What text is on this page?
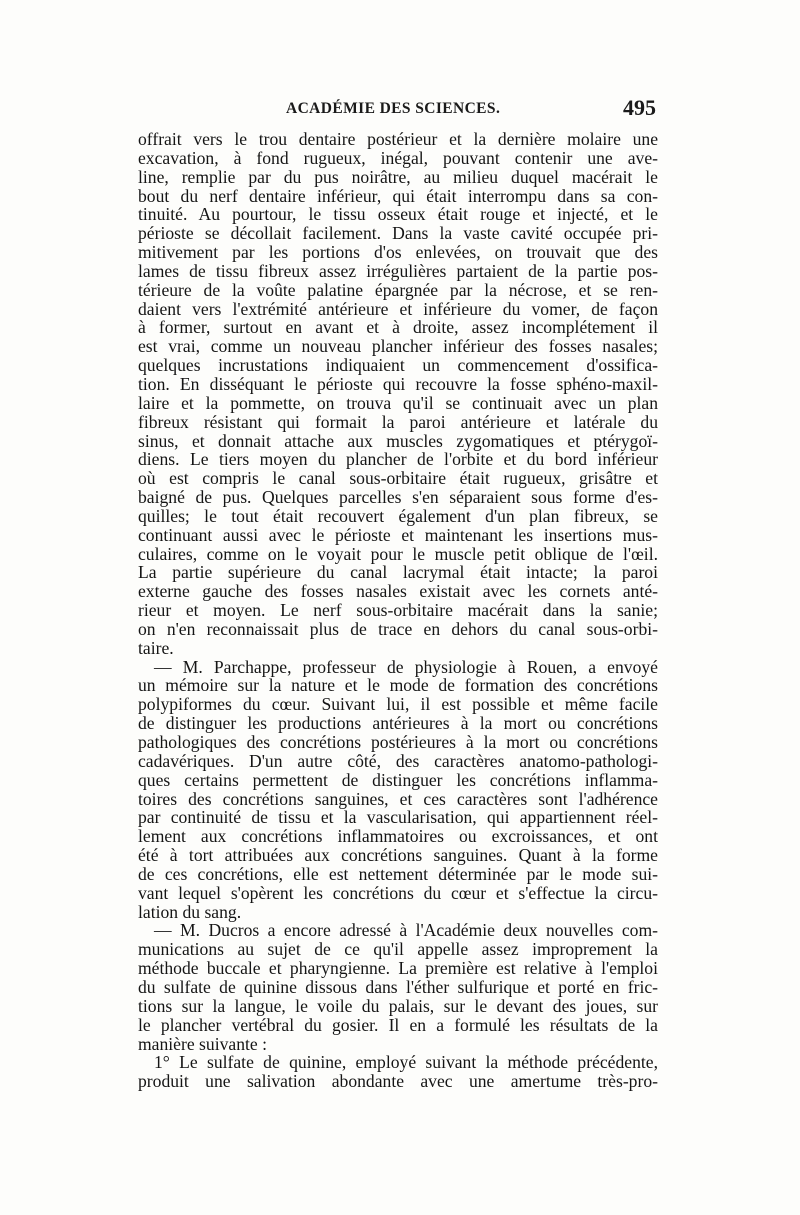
ACADÉMIE DES SCIENCES.	495
offrait vers le trou dentaire postérieur et la dernière molaire une
excavation, à fond rugueux, inégal, pouvant contenir une ave-
line, remplie par du pus noirâtre, au milieu duquel macérait le
bout du nerf dentaire inférieur, qui était interrompu dans sa con-
tinuité. Au pourtour, le tissu osseux était rouge et injecté, et le
périoste se décollait facilement. Dans la vaste cavité occupée pri-
mitivement par les portions d'os enlevées, on trouvait que des
lames de tissu fibreux assez irrégulières partaient de la partie pos-
térieure de la voûte palatine épargnée par la nécrose, et se ren-
daient vers l'extrémité antérieure et inférieure du vomer, de façon
à former, surtout en avant et à droite, assez incomplétement il
est vrai, comme un nouveau plancher inférieur des fosses nasales;
quelques incrustations indiquaient un commencement d'ossifica-
tion. En disséquant le périoste qui recouvre la fosse sphéno-maxil-
laire et la pommette, on trouva qu'il se continuait avec un plan
fibreux résistant qui formait la paroi antérieure et latérale du
sinus, et donnait attache aux muscles zygomatiques et ptérygoï-
diens. Le tiers moyen du plancher de l'orbite et du bord inférieur
où est compris le canal sous-orbitaire était rugueux, grisâtre et
baigné de pus. Quelques parcelles s'en séparaient sous forme d'es-
quilles; le tout était recouvert également d'un plan fibreux, se
continuant aussi avec le périoste et maintenant les insertions mus-
culaires, comme on le voyait pour le muscle petit oblique de l'œil.
La partie supérieure du canal lacrymal était intacte; la paroi
externe gauche des fosses nasales existait avec les cornets anté-
rieur et moyen. Le nerf sous-orbitaire macérait dans la sanie;
on n'en reconnaissait plus de trace en dehors du canal sous-orbi-
taire.
— M. Parchappe, professeur de physiologie à Rouen, a envoyé
un mémoire sur la nature et le mode de formation des concrétions
polypiformes du cœur. Suivant lui, il est possible et même facile
de distinguer les productions antérieures à la mort ou concrétions
pathologiques des concrétions postérieures à la mort ou concrétions
cadavériques. D'un autre côté, des caractères anatomo-pathologi-
ques certains permettent de distinguer les concrétions inflamma-
toires des concrétions sanguines, et ces caractères sont l'adhérence
par continuité de tissu et la vascularisation, qui appartiennent réel-
lement aux concrétions inflammatoires ou excroissances, et ont
été à tort attribuées aux concrétions sanguines. Quant à la forme
de ces concrétions, elle est nettement déterminée par le mode sui-
vant lequel s'opèrent les concrétions du cœur et s'effectue la circu-
lation du sang.
— M. Ducros a encore adressé à l'Académie deux nouvelles com-
munications au sujet de ce qu'il appelle assez improprement la
méthode buccale et pharyngienne. La première est relative à l'emploi
du sulfate de quinine dissous dans l'éther sulfurique et porté en fric-
tions sur la langue, le voile du palais, sur le devant des joues, sur
le plancher vertébral du gosier. Il en a formulé les résultats de la
manière suivante :
1° Le sulfate de quinine, employé suivant la méthode précédente,
produit une salivation abondante avec une amertume très-pro-
